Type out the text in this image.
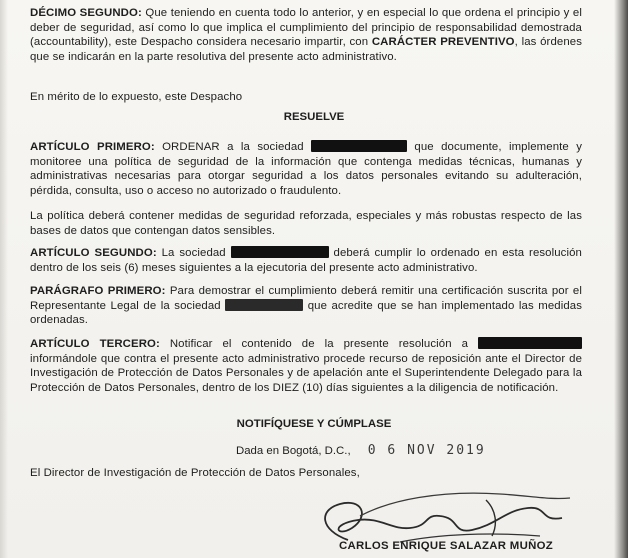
DÉCIMO SEGUNDO: Que teniendo en cuenta todo lo anterior, y en especial lo que ordena el principio y el deber de seguridad, así como lo que implica el cumplimiento del principio de responsabilidad demostrada (accountability), este Despacho considera necesario impartir, con CARÁCTER PREVENTIVO, las órdenes que se indicarán en la parte resolutiva del presente acto administrativo.
En mérito de lo expuesto, este Despacho
RESUELVE
ARTÍCULO PRIMERO: ORDENAR a la sociedad	que documente, implemente y monitoree una política de seguridad de la información que contenga medidas técnicas, humanas y administrativas necesarias para otorgar seguridad a los datos personales evitando su adulteración, pérdida, consulta, uso o acceso no autorizado o fraudulento.
La política deberá contener medidas de seguridad reforzada, especiales y más robustas respecto de las bases de datos que contengan datos sensibles.
ARTÍCULO SEGUNDO: La sociedad	deberá cumplir lo ordenado en esta resolución dentro de los seis (6) meses siguientes a la ejecutoria del presente acto administrativo.
PARÁGRAFO PRIMERO: Para demostrar el cumplimiento deberá remitir una certificación suscrita por el Representante Legal de la sociedad	que acredite que se han implementado las medidas ordenadas.
ARTÍCULO TERCERO: Notificar el contenido de la presente resolución a  informándole que contra el presente acto administrativo procede recurso de reposición ante el Director de Investigación de Protección de Datos Personales y de apelación ante el Superintendente Delegado para la Protección de Datos Personales, dentro de los DIEZ (10) días siguientes a la diligencia de notificación.
NOTIFÍQUESE Y CÚMPLASE
Dada en Bogotá, D.C., 0 6 NOV 2019
El Director de Investigación de Protección de Datos Personales,
CARLOS ENRIQUE SALAZAR MUÑOZ
